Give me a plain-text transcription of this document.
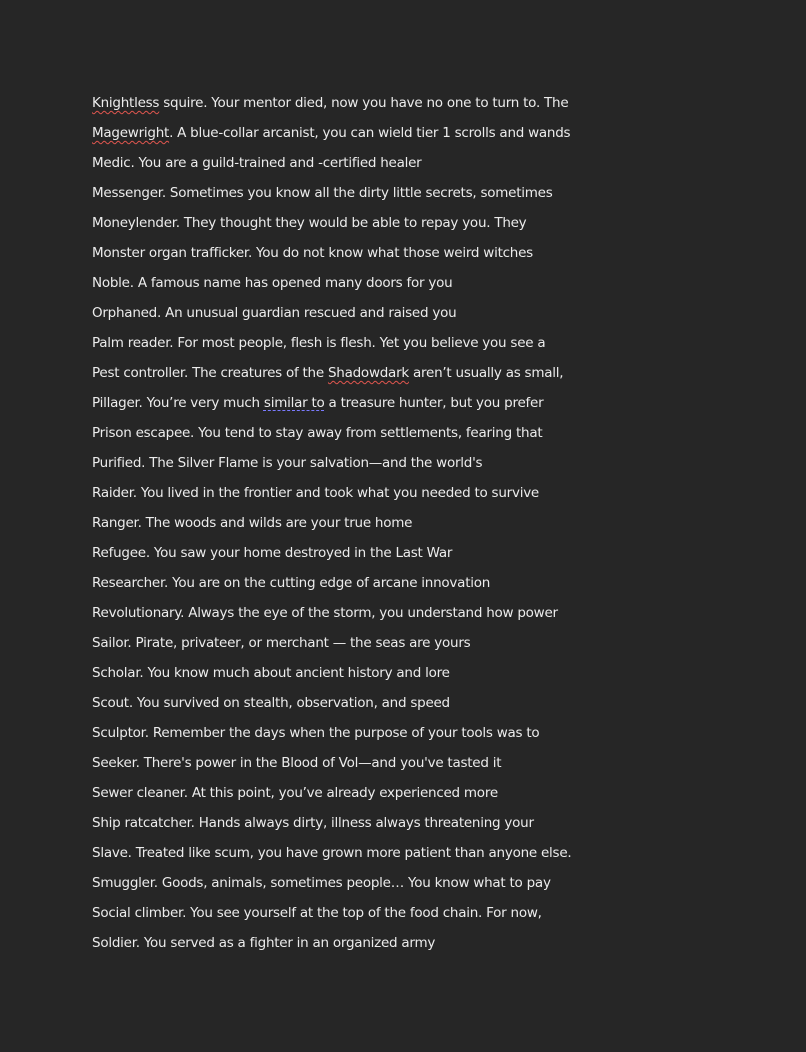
Knightless squire. Your mentor died, now you have no one to turn to. The
Magewright. A blue-collar arcanist, you can wield tier 1 scrolls and wands
Medic. You are a guild-trained and -certified healer
Messenger. Sometimes you know all the dirty little secrets, sometimes
Moneylender. They thought they would be able to repay you. They
Monster organ trafficker. You do not know what those weird witches
Noble. A famous name has opened many doors for you
Orphaned. An unusual guardian rescued and raised you
Palm reader. For most people, flesh is flesh. Yet you believe you see a
Pest controller. The creatures of the Shadowdark aren’t usually as small,
Pillager. You’re very much similar to a treasure hunter, but you prefer
Prison escapee. You tend to stay away from settlements, fearing that
Purified. The Silver Flame is your salvation—and the world's
Raider. You lived in the frontier and took what you needed to survive
Ranger. The woods and wilds are your true home
Refugee. You saw your home destroyed in the Last War
Researcher. You are on the cutting edge of arcane innovation
Revolutionary. Always the eye of the storm, you understand how power
Sailor. Pirate, privateer, or merchant — the seas are yours
Scholar. You know much about ancient history and lore
Scout. You survived on stealth, observation, and speed
Sculptor. Remember the days when the purpose of your tools was to
Seeker. There's power in the Blood of Vol—and you've tasted it
Sewer cleaner. At this point, you’ve already experienced more
Ship ratcatcher. Hands always dirty, illness always threatening your
Slave. Treated like scum, you have grown more patient than anyone else.
Smuggler. Goods, animals, sometimes people… You know what to pay
Social climber. You see yourself at the top of the food chain. For now,
Soldier. You served as a fighter in an organized army
